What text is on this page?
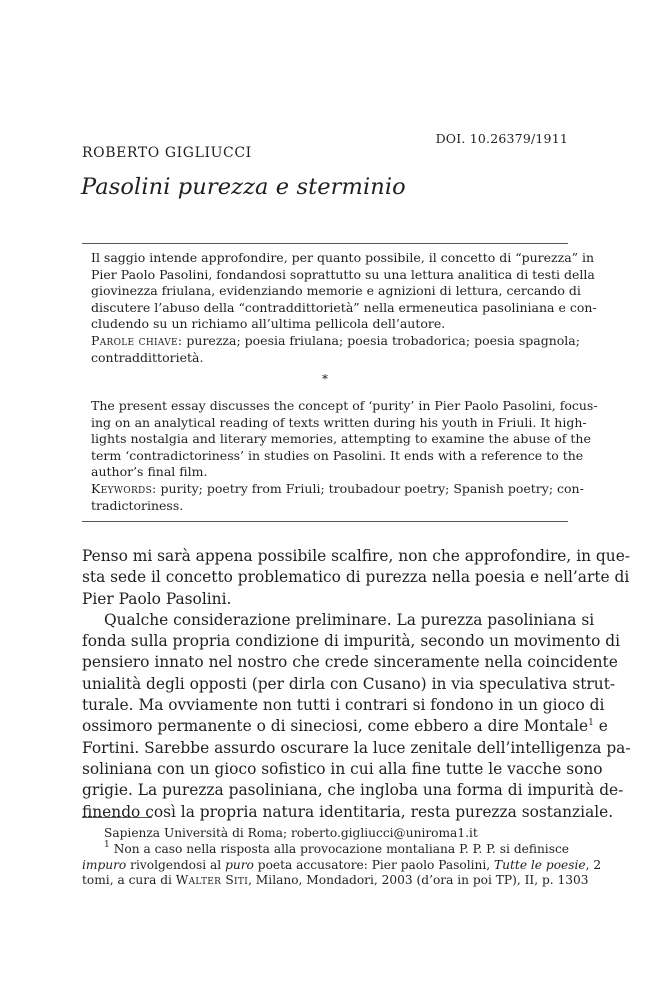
DOI. 10.26379/1911
ROBERTO GIGLIUCCI
Pasolini purezza e sterminio
Il saggio intende approfondire, per quanto possibile, il concetto di “purezza” in
Pier Paolo Pasolini, fondandosi soprattutto su una lettura analitica di testi della
giovinezza friulana, evidenziando memorie e agnizioni di lettura, cercando di
discutere l’abuso della “contraddittorietà” nella ermeneutica pasoliniana e con-
cludendo su un richiamo all’ultima pellicola dell’autore.
Parole chiave: purezza; poesia friulana; poesia trobadorica; poesia spagnola;
contraddittorietà.
*
The present essay discusses the concept of ‘purity’ in Pier Paolo Pasolini, focus-
ing on an analytical reading of texts written during his youth in Friuli. It high-
lights nostalgia and literary memories, attempting to examine the abuse of the
term ‘contradictoriness’ in studies on Pasolini. It ends with a reference to the
author’s final film.
Keywords: purity; poetry from Friuli; troubadour poetry; Spanish poetry; con-
tradictoriness.
Penso mi sarà appena possibile scalfire, non che approfondire, in que-
sta sede il concetto problematico di purezza nella poesia e nell’arte di
Pier Paolo Pasolini.
Qualche considerazione preliminare. La purezza pasoliniana si
fonda sulla propria condizione di impurità, secondo un movimento di
pensiero innato nel nostro che crede sinceramente nella coincidente
unialità degli opposti (per dirla con Cusano) in via speculativa strut-
turale. Ma ovviamente non tutti i contrari si fondono in un gioco di
ossimoro permanente o di sineciosi, come ebbero a dire Montale$^1$ e
Fortini. Sarebbe assurdo oscurare la luce zenitale dell’intelligenza pa-
soliniana con un gioco sofistico in cui alla fine tutte le vacche sono
grigie. La purezza pasoliniana, che ingloba una forma di impurità de-
finendo così la propria natura identitaria, resta purezza sostanziale.
Sapienza Università di Roma; roberto.gigliucci@uniroma1.it
$^1$ Non a caso nella risposta alla provocazione montaliana P. P. P. si definisce
impuro rivolgendosi al puro poeta accusatore: Pier paolo Pasolini, Tutte le poesie, 2
tomi, a cura di Walter Siti, Milano, Mondadori, 2003 (d’ora in poi TP), II, p. 1303
